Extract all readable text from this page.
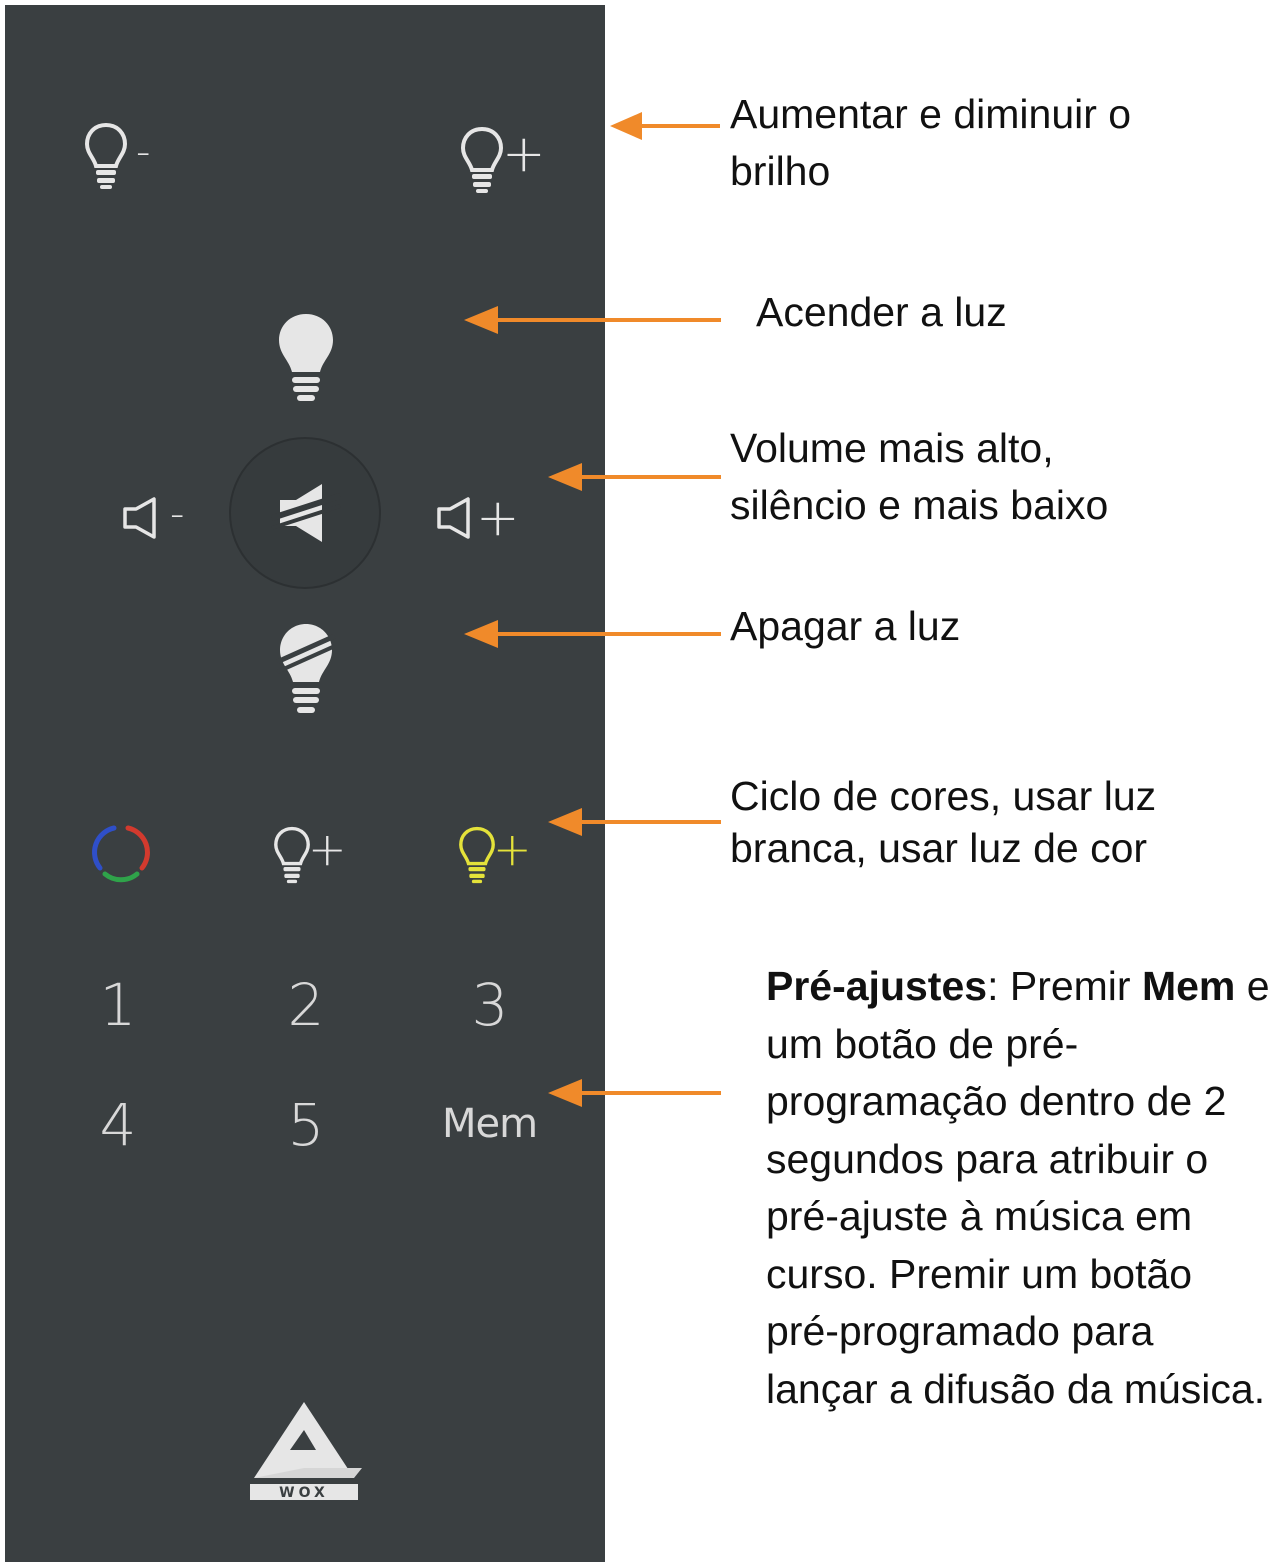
-	+
-	+
+	+
1	2	3
4	5	Mem
WOX
Aumentar e diminuir o
brilho
Acender a luz
Volume mais alto,
silêncio e mais baixo
Apagar a luz
Ciclo de cores, usar luz
branca, usar luz de cor
Pré-ajustes: Premir Mem e
um botão de pré-
programação dentro de 2
segundos para atribuir o
pré-ajuste à música em
curso. Premir um botão
pré-programado para
lançar a difusão da música.
